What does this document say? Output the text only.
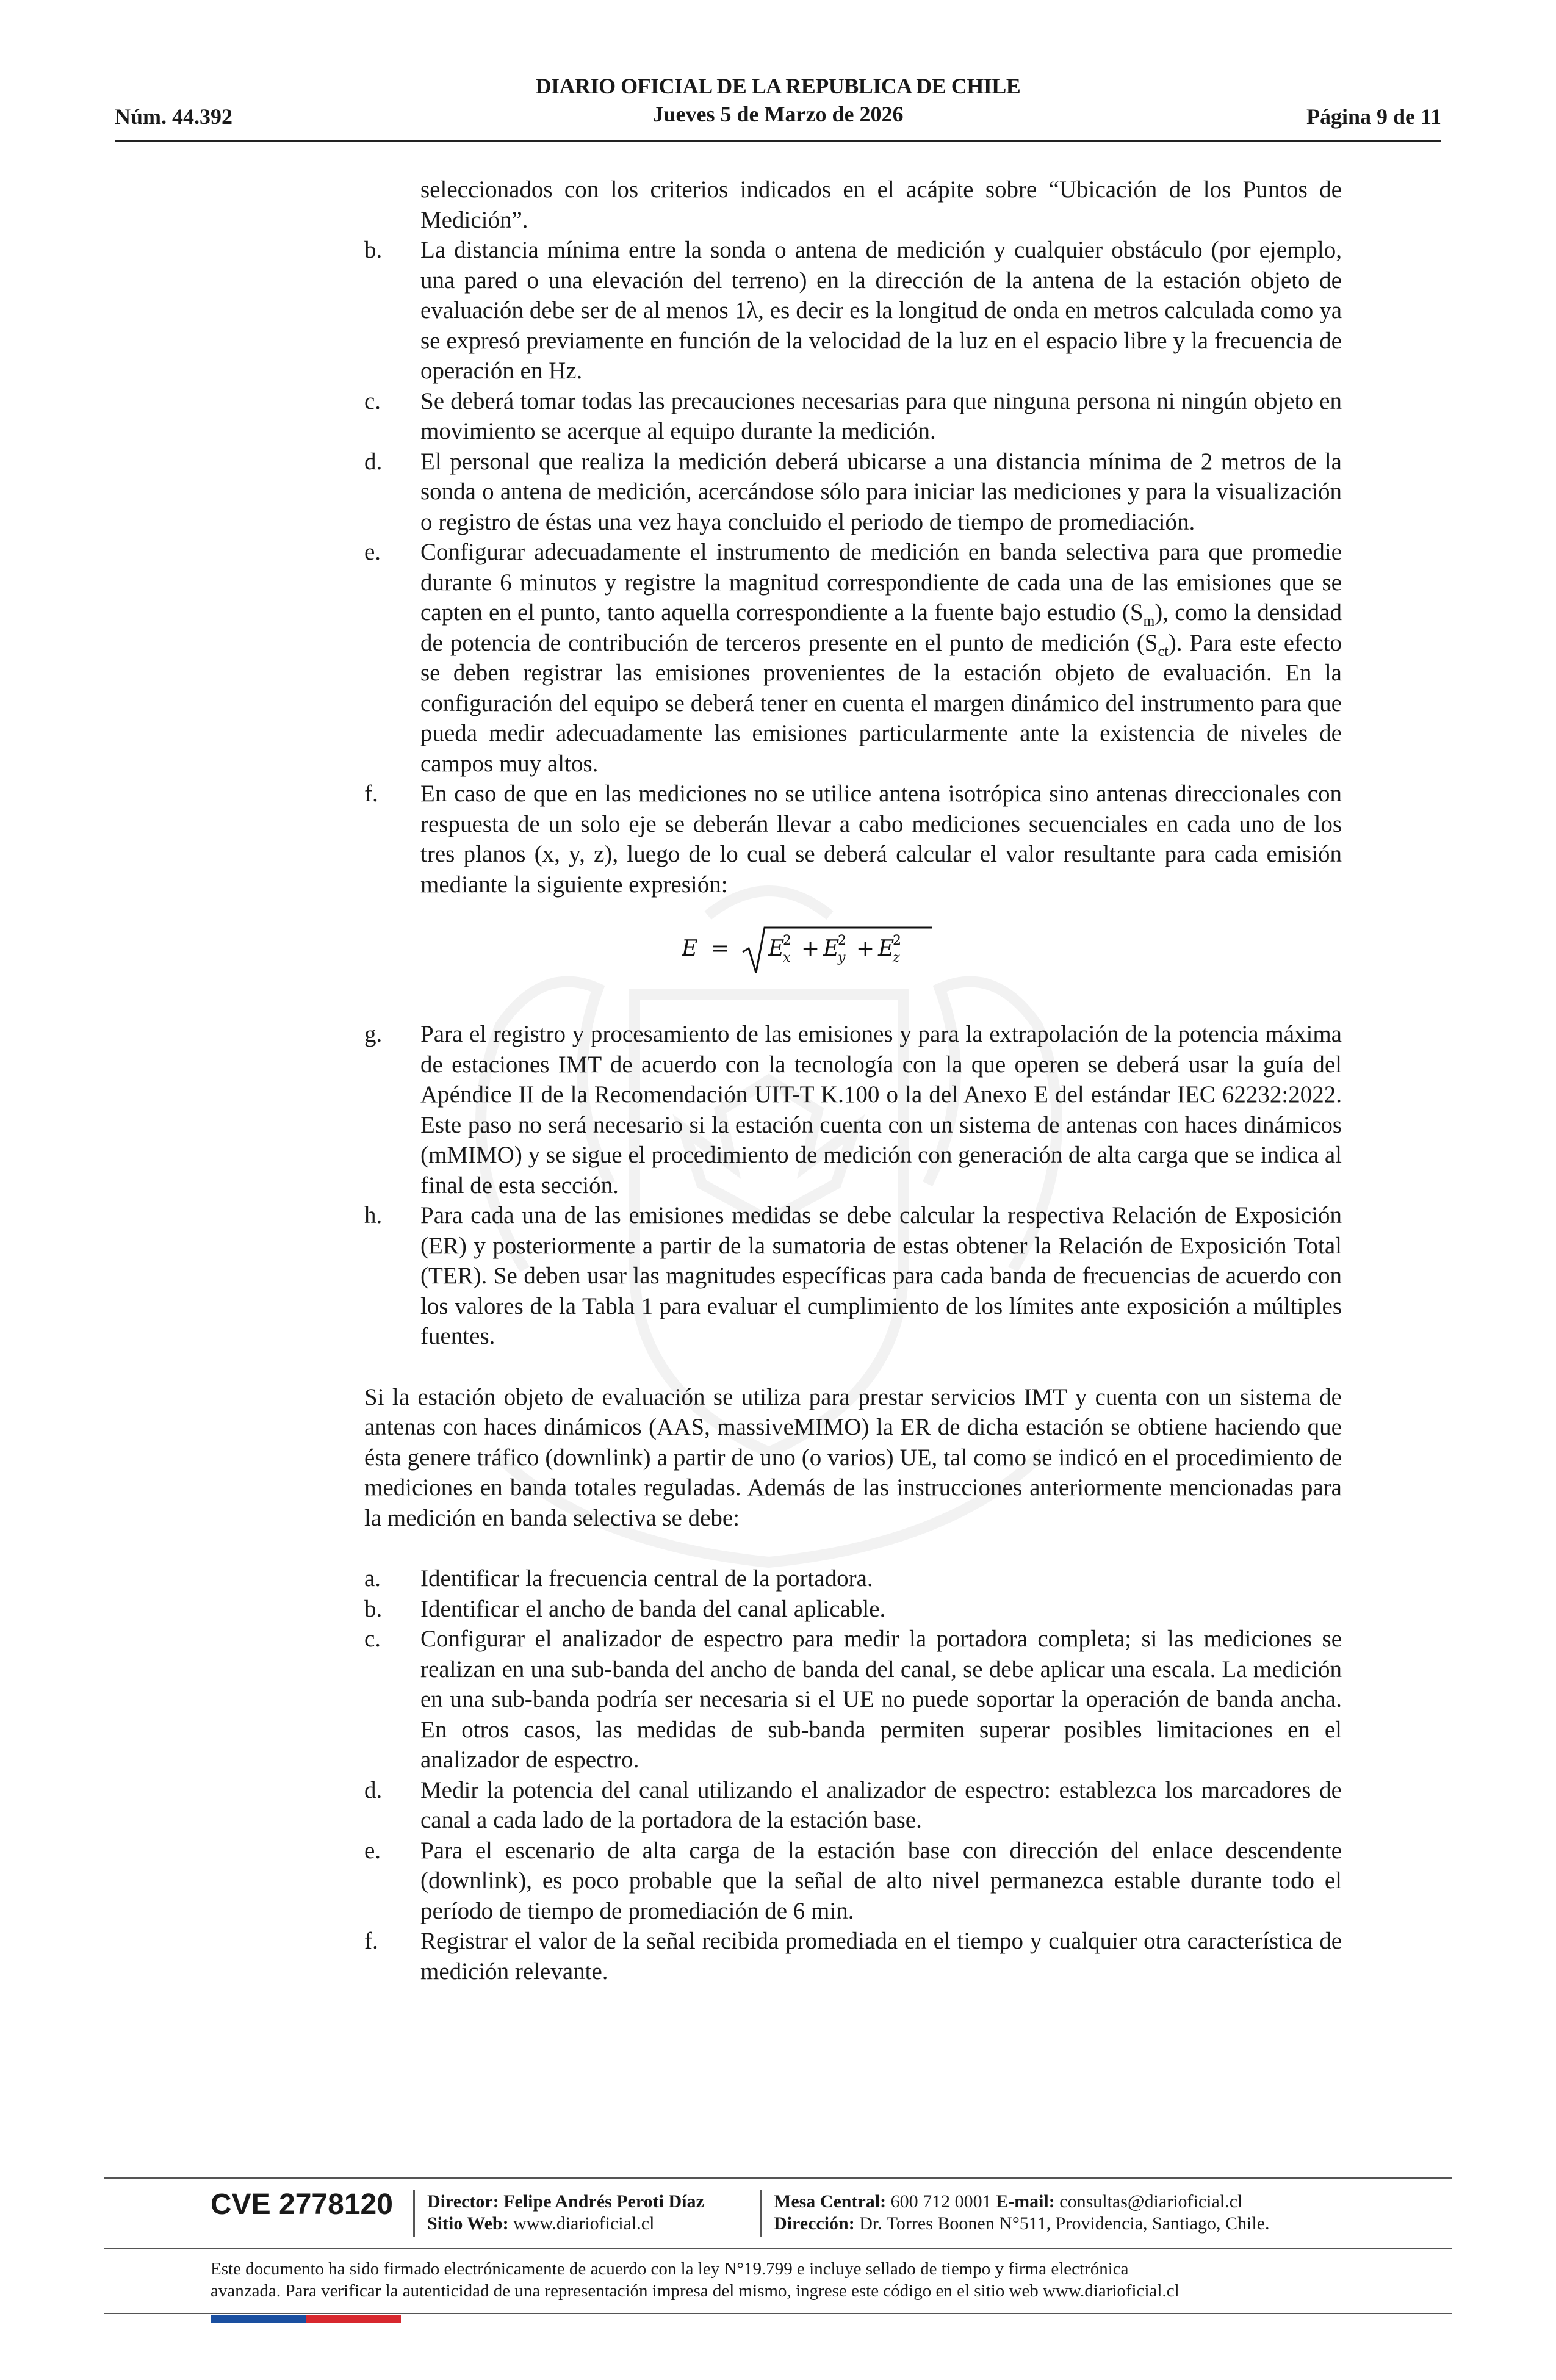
DIARIO OFICIAL DE LA REPUBLICA DE CHILE
Jueves 5 de Marzo de 2026
Núm. 44.392	Página 9 de 11
seleccionados con los criterios indicados en el acápite sobre “Ubicación de los Puntos de Medición”.
b. La distancia mínima entre la sonda o antena de medición y cualquier obstáculo (por ejemplo, una pared o una elevación del terreno) en la dirección de la antena de la estación objeto de evaluación debe ser de al menos 1λ, es decir es la longitud de onda en metros calculada como ya se expresó previamente en función de la velocidad de la luz en el espacio libre y la frecuencia de operación en Hz.
c. Se deberá tomar todas las precauciones necesarias para que ninguna persona ni ningún objeto en movimiento se acerque al equipo durante la medición.
d. El personal que realiza la medición deberá ubicarse a una distancia mínima de 2 metros de la sonda o antena de medición, acercándose sólo para iniciar las mediciones y para la visualización o registro de éstas una vez haya concluido el periodo de tiempo de promediación.
e. Configurar adecuadamente el instrumento de medición en banda selectiva para que promedie durante 6 minutos y registre la magnitud correspondiente de cada una de las emisiones que se capten en el punto, tanto aquella correspondiente a la fuente bajo estudio $(S_m)$, como la densidad de potencia de contribución de terceros presente en el punto de medición $(S_{ct})$. Para este efecto se deben registrar las emisiones provenientes de la estación objeto de evaluación. En la configuración del equipo se deberá tener en cuenta el margen dinámico del instrumento para que pueda medir adecuadamente las emisiones particularmente ante la existencia de niveles de campos muy altos.
f. En caso de que en las mediciones no se utilice antena isotrópica sino antenas direccionales con respuesta de un solo eje se deberán llevar a cabo mediciones secuenciales en cada uno de los tres planos (x, y, z), luego de lo cual se deberá calcular el valor resultante para cada emisión mediante la siguiente expresión:
E = E
2
x + E
2
y + E
2
z
g. Para el registro y procesamiento de las emisiones y para la extrapolación de la potencia máxima de estaciones IMT de acuerdo con la tecnología con la que operen se deberá usar la guía del Apéndice II de la Recomendación UIT-T K.100 o la del Anexo E del estándar IEC 62232:2022. Este paso no será necesario si la estación cuenta con un sistema de antenas con haces dinámicos (mMIMO) y se sigue el procedimiento de medición con generación de alta carga que se indica al final de esta sección.
h. Para cada una de las emisiones medidas se debe calcular la respectiva Relación de Exposición (ER) y posteriormente a partir de la sumatoria de estas obtener la Relación de Exposición Total (TER). Se deben usar las magnitudes específicas para cada banda de frecuencias de acuerdo con los valores de la Tabla 1 para evaluar el cumplimiento de los límites ante exposición a múltiples fuentes.
Si la estación objeto de evaluación se utiliza para prestar servicios IMT y cuenta con un sistema de antenas con haces dinámicos (AAS, massiveMIMO) la ER de dicha estación se obtiene haciendo que ésta genere tráfico (downlink) a partir de uno (o varios) UE, tal como se indicó en el procedimiento de mediciones en banda totales reguladas. Además de las instrucciones anteriormente mencionadas para la medición en banda selectiva se debe:
a. Identificar la frecuencia central de la portadora.
b. Identificar el ancho de banda del canal aplicable.
c. Configurar el analizador de espectro para medir la portadora completa; si las mediciones se realizan en una sub-banda del ancho de banda del canal, se debe aplicar una escala. La medición en una sub-banda podría ser necesaria si el UE no puede soportar la operación de banda ancha. En otros casos, las medidas de sub-banda permiten superar posibles limitaciones en el analizador de espectro.
d. Medir la potencia del canal utilizando el analizador de espectro: establezca los marcadores de canal a cada lado de la portadora de la estación base.
e. Para el escenario de alta carga de la estación base con dirección del enlace descendente (downlink), es poco probable que la señal de alto nivel permanezca estable durante todo el período de tiempo de promediación de 6 min.
f. Registrar el valor de la señal recibida promediada en el tiempo y cualquier otra característica de medición relevante.
CVE 2778120 Director: Felipe Andrés Peroti Díaz
Sitio Web: www.diarioficial.cl
Mesa Central: 600 712 0001 E-mail: consultas@diarioficial.cl
Dirección: Dr. Torres Boonen N°511, Providencia, Santiago, Chile.
Este documento ha sido firmado electrónicamente de acuerdo con la ley N°19.799 e incluye sellado de tiempo y firma electrónica
avanzada. Para verificar la autenticidad de una representación impresa del mismo, ingrese este código en el sitio web www.diarioficial.cl
